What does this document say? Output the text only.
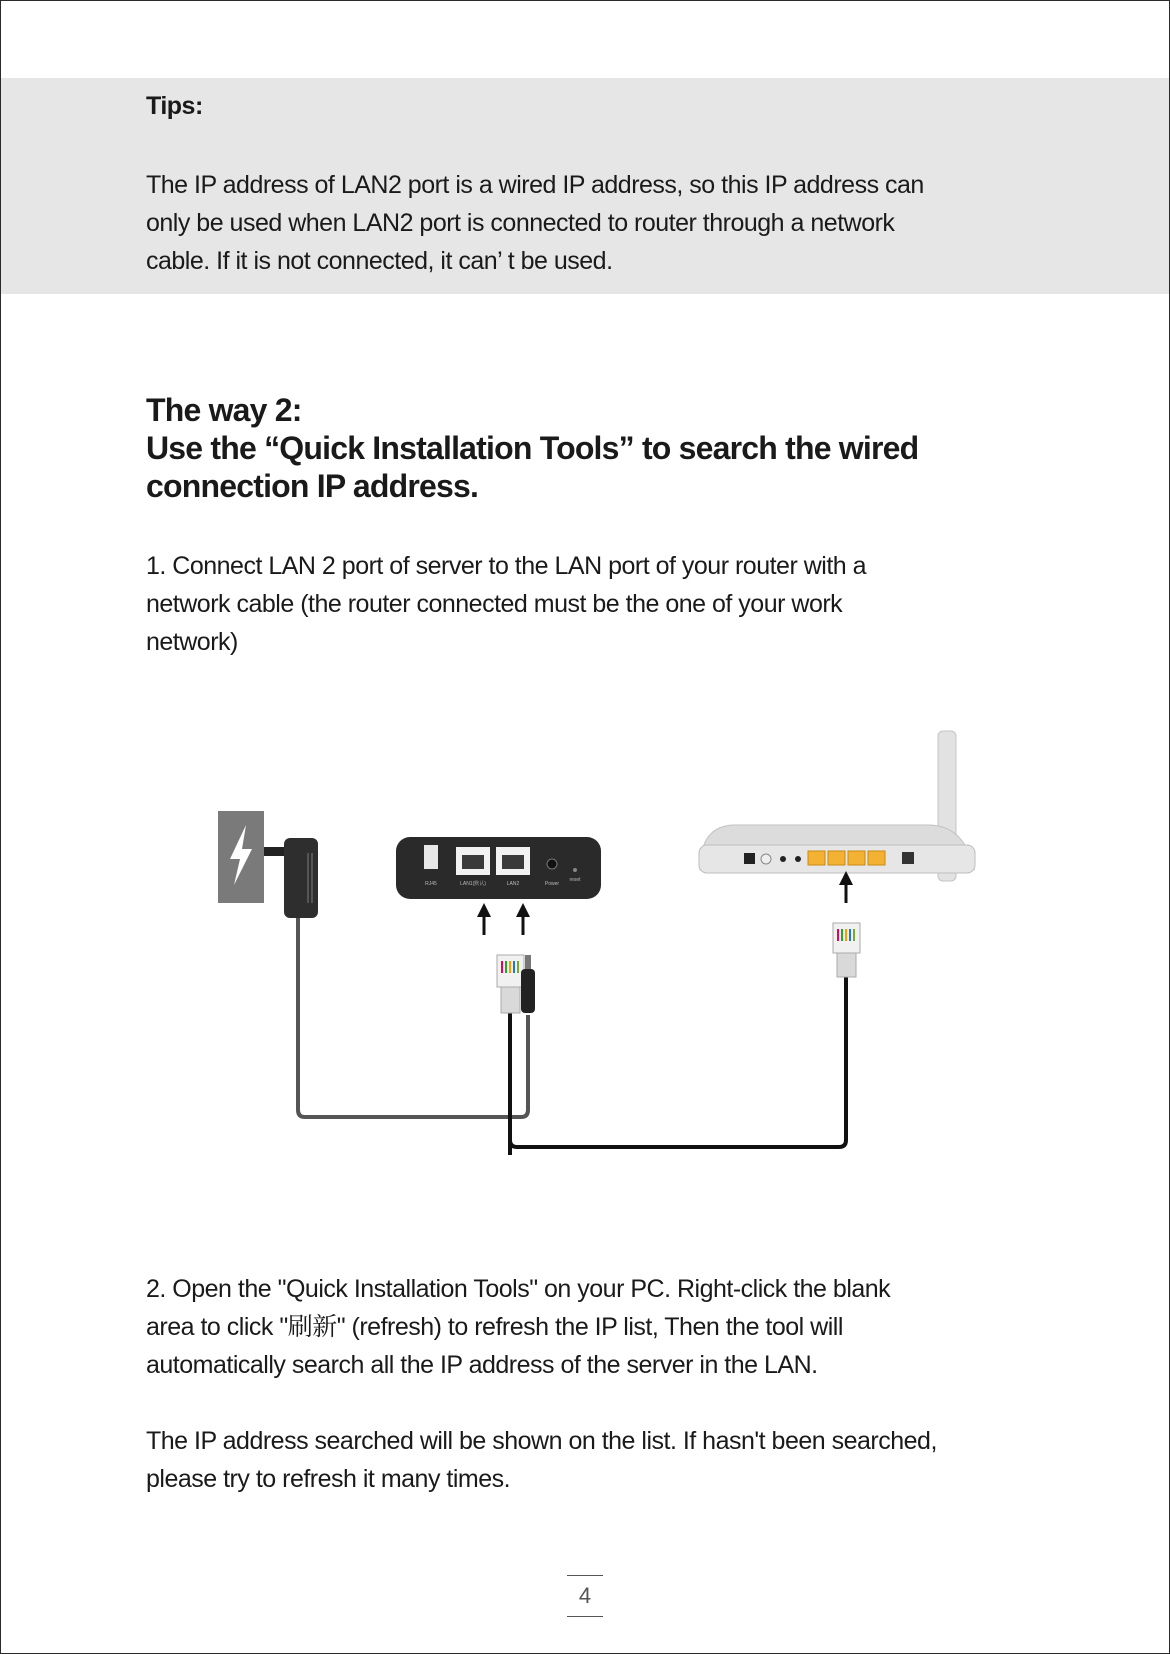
Tips:

The IP address of LAN2 port is a wired IP address, so this IP address can
only be used when LAN2 port is connected to router through a network
cable. If it is not connected, it can’ t be used.

The way 2:
Use the “Quick Installation Tools” to search the wired
connection IP address.

1. Connect LAN 2 port of server to the LAN port of your router with a
network cable (the router connected must be the one of your work
network)

RJ45	LAN1(默认)	LAN2	Power
reset

2. Open the "Quick Installation Tools" on your PC. Right-click the blank
area to click "刷新" (refresh) to refresh the IP list, Then the tool will
automatically search all the IP address of the server in the LAN.

The IP address searched will be shown on the list. If hasn't been searched,
please try to refresh it many times.

4
